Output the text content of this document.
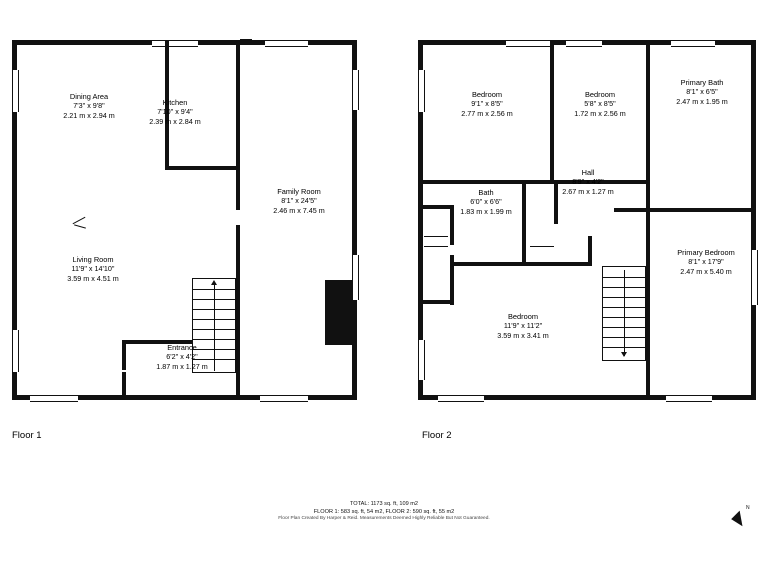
Dining Area
7'3" x 9'8"
2.21 m x 2.94 m
Kitchen
7'10" x 9'4"
2.39 m x 2.84 m
Family Room
8'1" x 24'5"
2.46 m x 7.45 m
Living Room
11'9" x 14'10"
3.59 m x 4.51 m
Entrance
6'2" x 4'2"
1.87 m x 1.27 m
Floor 1
Bedroom
9'1" x 8'5"
2.77 m x 2.56 m
Bedroom
5'8" x 8'5"
1.72 m x 2.56 m
Primary Bath
8'1" x 6'5"
2.47 m x 1.95 m
Hall
8'9" x 4'2"
2.67 m x 1.27 m
Bath
6'0" x 6'6"
1.83 m x 1.99 m
Primary Bedroom
8'1" x 17'9"
2.47 m x 5.40 m
Bedroom
11'9" x 11'2"
3.59 m x 3.41 m
Floor 2
TOTAL: 1173 sq. ft, 109 m2
FLOOR 1: 583 sq. ft, 54 m2, FLOOR 2: 590 sq. ft, 55 m2
Floor Plan Created By Harper & Reid. Measurements Deemed Highly Reliable But Not Guaranteed.
N
